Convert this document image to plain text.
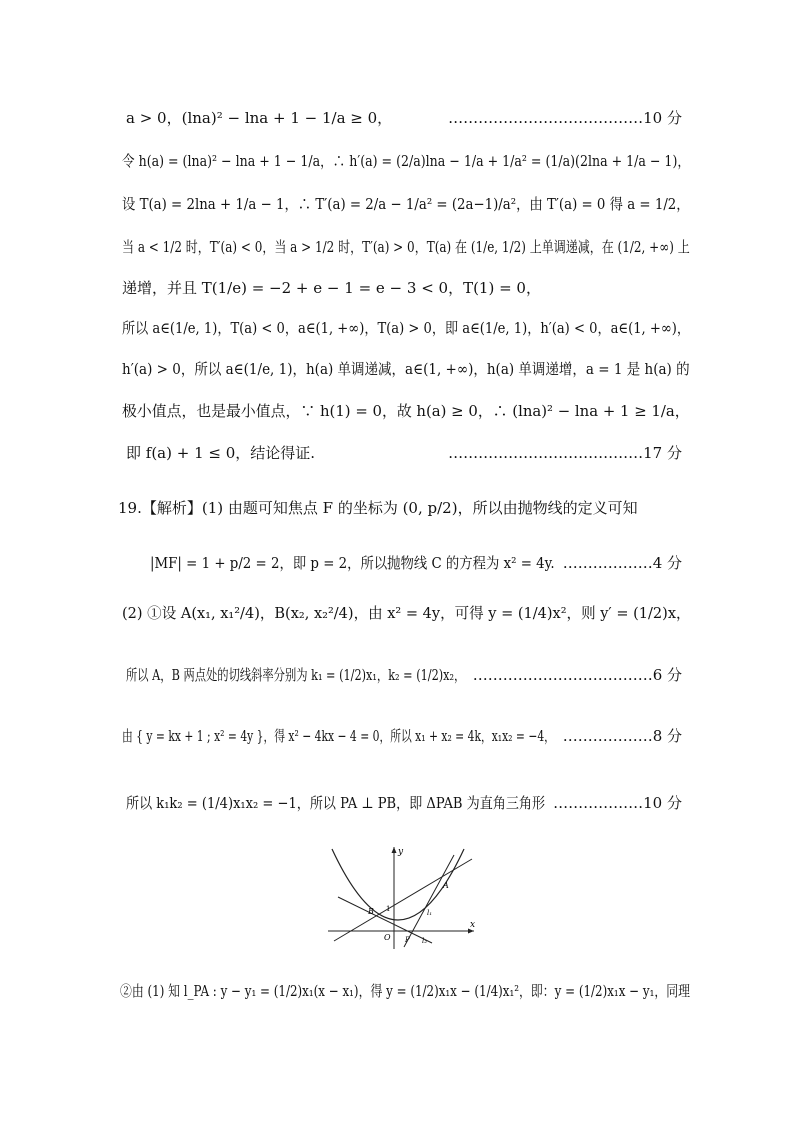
a > 0，(lna)² − lna + 1 − 1/a ≥ 0，	…………………………………10 分
令 h(a) = (lna)² − lna + 1 − 1/a，∴ h′(a) = (2/a)lna − 1/a + 1/a² = (1/a)(2lna + 1/a − 1)，
设 T(a) = 2lna + 1/a − 1，∴ T′(a) = 2/a − 1/a² = (2a−1)/a²，由 T′(a) = 0 得 a = 1/2，
当 a < 1/2 时，T′(a) < 0，当 a > 1/2 时，T′(a) > 0，T(a) 在 (1/e, 1/2) 上单调递减，在 (1/2, +∞) 上
递增，并且 T(1/e) = −2 + e − 1 = e − 3 < 0，T(1) = 0，
所以 a∈(1/e, 1)，T(a) < 0，a∈(1, +∞)，T(a) > 0，即 a∈(1/e, 1)，h′(a) < 0，a∈(1, +∞)，
h′(a) > 0，所以 a∈(1/e, 1)，h(a) 单调递减，a∈(1, +∞)，h(a) 单调递增，a = 1 是 h(a) 的
极小值点，也是最小值点，∵ h(1) = 0，故 h(a) ≥ 0，∴ (lna)² − lna + 1 ≥ 1/a，
即 f(a) + 1 ≤ 0，结论得证.	…………………………………17 分
19.【解析】(1) 由题可知焦点 F 的坐标为 (0, p/2)，所以由抛物线的定义可知
|MF| = 1 + p/2 = 2，即 p = 2，所以抛物线 C 的方程为 x² = 4y. ………………4 分
(2) ①设 A(x₁, x₁²/4)，B(x₂, x₂²/4)，由 x² = 4y，可得 y = (1/4)x²，则 y′ = (1/2)x，
所以 A，B 两点处的切线斜率分别为 k₁ = (1/2)x₁，k₂ = (1/2)x₂， ………………………………6 分
由 { y = kx + 1 ; x² = 4y }，得 x² − 4kx − 4 = 0，所以 x₁ + x₂ = 4k，x₁x₂ = −4， ………………8 分
所以 k₁k₂ = (1/4)x₁x₂ = −1，所以 PA ⊥ PB，即 ΔPAB 为直角三角形 ………………10 分
y
x
A
B
O P
1	l₁
l₂
②由 (1) 知 l_PA : y − y₁ = (1/2)x₁(x − x₁)，得 y = (1/2)x₁x − (1/4)x₁²，即：y = (1/2)x₁x − y₁，同理
